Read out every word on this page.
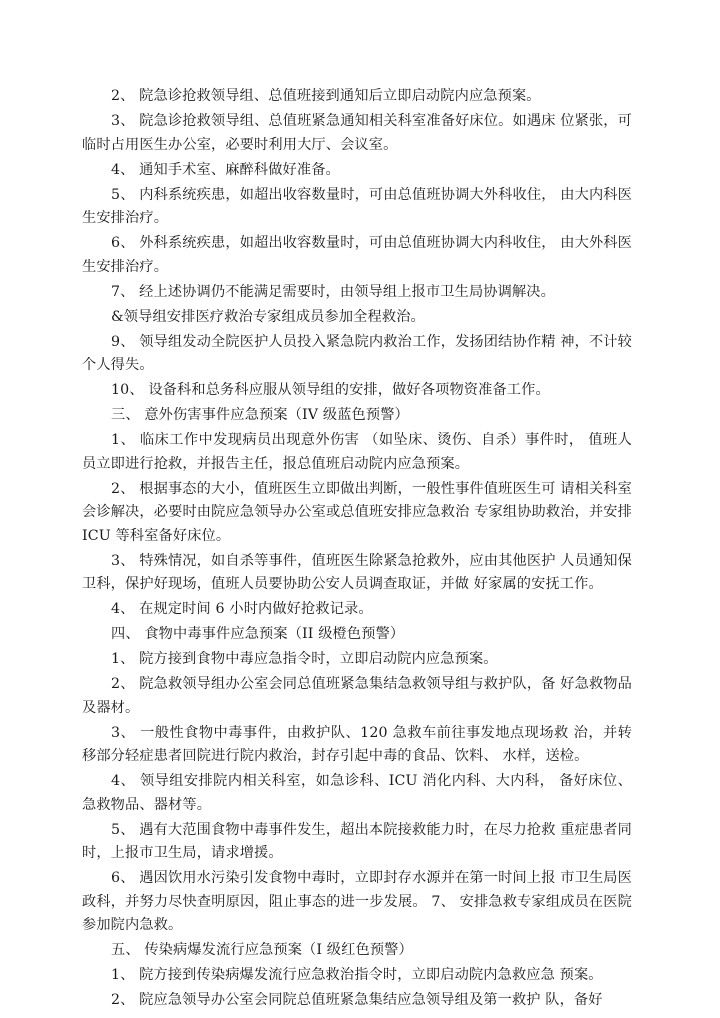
2、 院急诊抢救领导组、总值班接到通知后立即启动院内应急预案。

3、 院急诊抢救领导组、总值班紧急通知相关科室准备好床位。如遇床 位紧张，可临时占用医生办公室，必要时利用大厅、会议室。

4、 通知手术室、麻醉科做好准备。

5、 内科系统疾患，如超出收容数量时，可由总值班协调大外科收住， 由大内科医生安排治疗。

6、 外科系统疾患，如超出收容数量时，可由总值班协调大内科收住， 由大外科医生安排治疗。

7、 经上述协调仍不能满足需要时，由领导组上报市卫生局协调解决。

&领导组安排医疗救治专家组成员参加全程救治。

9、 领导组发动全院医护人员投入紧急院内救治工作，发扬团结协作精 神，不计较个人得失。

10、 设备科和总务科应服从领导组的安排，做好各项物资准备工作。

三、 意外伤害事件应急预案（IV 级蓝色预警）

1、 临床工作中发现病员出现意外伤害 （如坠床、烫伤、自杀）事件时， 值班人员立即进行抢救，并报告主任，报总值班启动院内应急预案。

2、 根据事态的大小，值班医生立即做出判断，一般性事件值班医生可 请相关科室会诊解决，必要时由院应急领导办公室或总值班安排应急救治 专家组协助救治，并安排 ICU 等科室备好床位。

3、 特殊情况，如自杀等事件，值班医生除紧急抢救外，应由其他医护 人员通知保卫科，保护好现场，值班人员要协助公安人员调查取证，并做 好家属的安抚工作。

4、 在规定时间 6 小时内做好抢救记录。

四、 食物中毒事件应急预案（II 级橙色预警）

1、 院方接到食物中毒应急指令时，立即启动院内应急预案。

2、 院急救领导组办公室会同总值班紧急集结急救领导组与救护队，备 好急救物品及器材。

3、 一般性食物中毒事件，由救护队、120 急救车前往事发地点现场救 治，并转移部分轻症患者回院进行院内救治，封存引起中毒的食品、饮料、 水样，送检。

4、 领导组安排院内相关科室，如急诊科、ICU 消化内科、大内科， 备好床位、急救物品、器材等。

5、 遇有大范围食物中毒事件发生，超出本院接救能力时，在尽力抢救 重症患者同时，上报市卫生局，请求增援。

6、 遇因饮用水污染引发食物中毒时，立即封存水源并在第一时间上报 市卫生局医政科，并努力尽快查明原因，阻止事态的进一步发展。 7、 安排急救专家组成员在医院参加院内急救。

五、 传染病爆发流行应急预案（I 级红色预警）

1、 院方接到传染病爆发流行应急救治指令时，立即启动院内急救应急 预案。

2、 院应急领导办公室会同院总值班紧急集结应急领导组及第一救护 队，备好
